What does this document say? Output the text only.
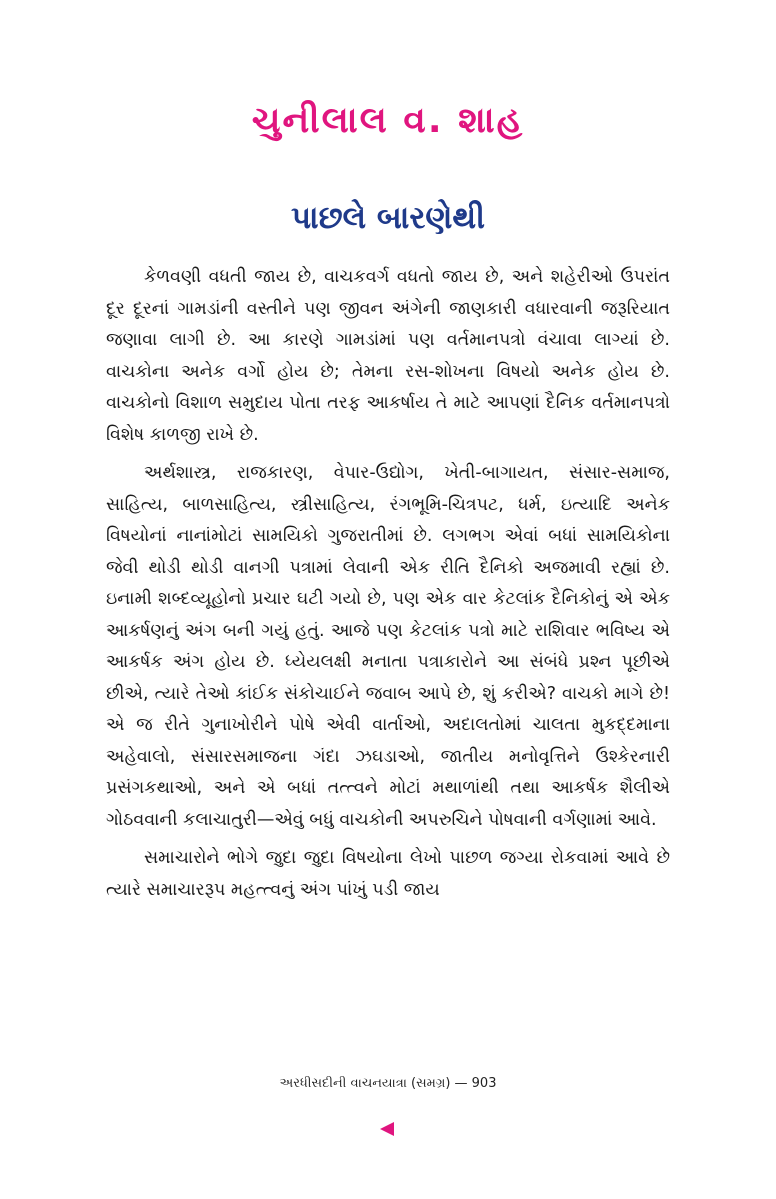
ચુનીલાલ વ. શાહ
પાછલે બારણેથી

કેળવણી વધતી જાય છે, વાચકવર્ગ વધતો જાય છે, અને શહેરીઓ ઉપરાંત દૂર દૂરનાં ગામડાંની વસ્તીને પણ જીવન અંગેની જાણકારી વધારવાની જરૂરિયાત જણાવા લાગી છે. આ કારણે ગામડાંમાં પણ વર્તમાનપત્રો વંચાવા લાગ્યાં છે. વાચકોના અનેક વર્ગો હોય છે; તેમના રસ-શોખના વિષયો અનેક હોય છે. વાચકોનો વિશાળ સમુદાય પોતા તરફ આકર્ષાય તે માટે આપણાં દૈનિક વર્તમાનપત્રો વિશેષ કાળજી રાખે છે.

અર્થશાસ્ત્ર, રાજકારણ, વેપાર-ઉદ્યોગ, ખેતી-બાગાયત, સંસાર-સમાજ, સાહિત્ય, બાળસાહિત્ય, સ્ત્રીસાહિત્ય, રંગભૂમિ-ચિત્રપટ, ધર્મ, ઇત્યાદિ અનેક વિષયોનાં નાનાંમોટાં સામયિકો ગુજરાતીમાં છે. લગભગ એવાં બધાં સામયિકોના જેવી થોડી થોડી વાનગી પત્રામાં લેવાની એક રીતિ દૈનિકો અજમાવી રહ્યાં છે. ઇનામી શબ્દવ્યૂહોનો પ્રચાર ઘટી ગયો છે, પણ એક વાર કેટલાંક દૈનિકોનું એ એક આકર્ષણનું અંગ બની ગયું હતું. આજે પણ કેટલાંક પત્રો માટે રાશિવાર ભવિષ્ય એ આકર્ષક અંગ હોય છે. ધ્યેયલક્ષી મનાતા પત્રાકારોને આ સંબંધે પ્રશ્ન પૂછીએ છીએ, ત્યારે તેઓ કાંઈક સંકોચાઈને જવાબ આપે છે, શું કરીએ? વાચકો માગે છે! એ જ રીતે ગુનાખોરીને પોષે એવી વાર્તાઓ, અદાલતોમાં ચાલતા મુકદ્દમાના અહેવાલો, સંસારસમાજના ગંદા ઝઘડાઓ, જાતીય મનોવૃત્તિને ઉશ્કેરનારી પ્રસંગકથાઓ, અને એ બધાં તત્ત્વને મોટાં મથાળાંથી તથા આકર્ષક શૈલીએ ગોઠવવાની કલાચાતુરી—એવું બધું વાચકોની અપરુચિને પોષવાની વર્ગણામાં આવે.

સમાચારોને ભોગે જુદા જુદા વિષયોના લેખો પાછળ જગ્યા રોકવામાં આવે છે ત્યારે સમાચારરૂપ મહત્ત્વનું અંગ પાંખું પડી જાય

અરધીસદીની વાચનયાત્રા (સમગ્ર) — 903
